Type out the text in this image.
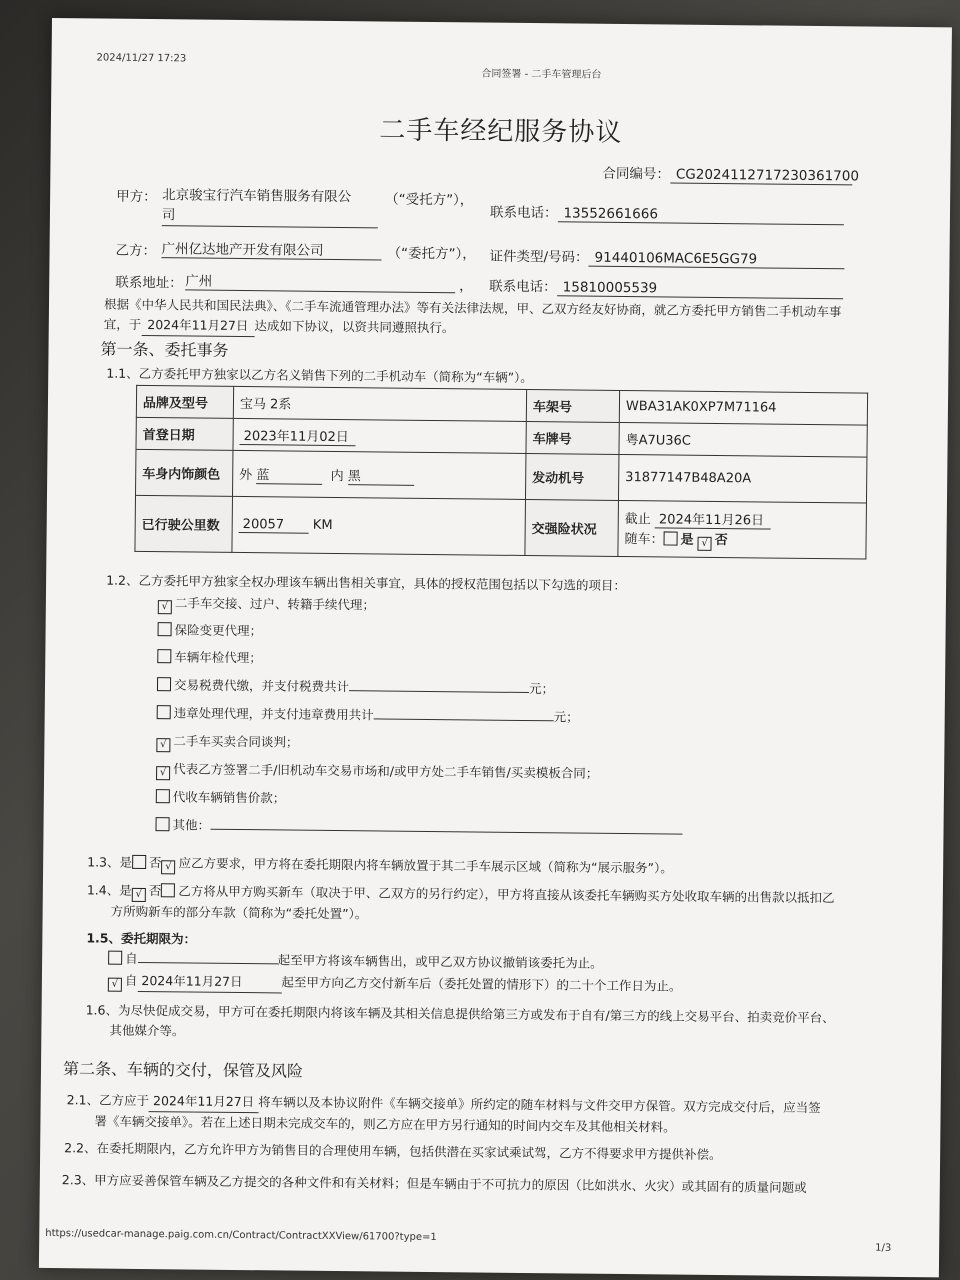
2024/11/27 17:23
合同签署 - 二手车管理后台
二手车经纪服务协议
合同编号： CG2024112717230361700
甲方： 北京骏宝行汽车销售服务有限公
司
（“受托方”），
联系电话： 13552661666
乙方： 广州亿达地产开发有限公司	（“委托方”）， 证件类型/号码： 91440106MAC6E5GG79
联系地址： 广州	， 联系电话： 15810005539
根据《中华人民共和国民法典》、《二手车流通管理办法》等有关法律法规，甲、乙双方经友好协商，就乙方委托甲方销售二手机动车事
宜，于 2024年11月27日 达成如下协议，以资共同遵照执行。
第一条、委托事务
1.1、乙方委托甲方独家以乙方名义销售下列的二手机动车（简称为“车辆”）。
品牌及型号	宝马 2系	车架号	WBA31AK0XP7M71164
首登日期	2023年11月02日	车牌号	粤A7U36C
车身内饰颜色	外 蓝 内 黑	发动机号	31877147B48A20A
已行驶公里数	20057 KM	交强险状况	截止 2024年11月26日
随车： 是 √ 否
1.2、乙方委托甲方独家全权办理该车辆出售相关事宜，具体的授权范围包括以下勾选的项目：
√ 二手车交接、过户、转籍手续代理；
保险变更代理；
车辆年检代理；
交易税费代缴，并支付税费共计	元；
违章处理代理，并支付违章费用共计	元；
√ 二手车买卖合同谈判；
√ 代表乙方签署二手/旧机动车交易市场和/或甲方处二手车销售/买卖模板合同；
代收车辆销售价款；
其他：
1.3、是 否 √ 应乙方要求，甲方将在委托期限内将车辆放置于其二手车展示区域（简称为“展示服务”）。
1.4、是 √ 否 乙方将从甲方购买新车（取决于甲、乙双方的另行约定），甲方将直接从该委托车辆购买方处收取车辆的出售款以抵扣乙
方所购新车的部分车款（简称为“委托处置”）。
1.5、委托期限为：
自	起至甲方将该车辆售出，或甲乙双方协议撤销该委托为止。
√ 自 2024年11月27日	起至甲方向乙方交付新车后（委托处置的情形下）的二十个工作日为止。
1.6、为尽快促成交易，甲方可在委托期限内将该车辆及其相关信息提供给第三方或发布于自有/第三方的线上交易平台、拍卖竞价平台、
其他媒介等。
第二条、车辆的交付，保管及风险
2.1、乙方应于 2024年11月27日 将车辆以及本协议附件《车辆交接单》所约定的随车材料与文件交甲方保管。双方完成交付后，应当签
署《车辆交接单》。若在上述日期未完成交车的，则乙方应在甲方另行通知的时间内交车及其他相关材料。
2.2、在委托期限内，乙方允许甲方为销售目的合理使用车辆，包括供潜在买家试乘试驾，乙方不得要求甲方提供补偿。
2.3、甲方应妥善保管车辆及乙方提交的各种文件和有关材料；但是车辆由于不可抗力的原因（比如洪水、火灾）或其固有的质量问题或
https://usedcar-manage.paig.com.cn/Contract/ContractXXView/61700?type=1
1/3
